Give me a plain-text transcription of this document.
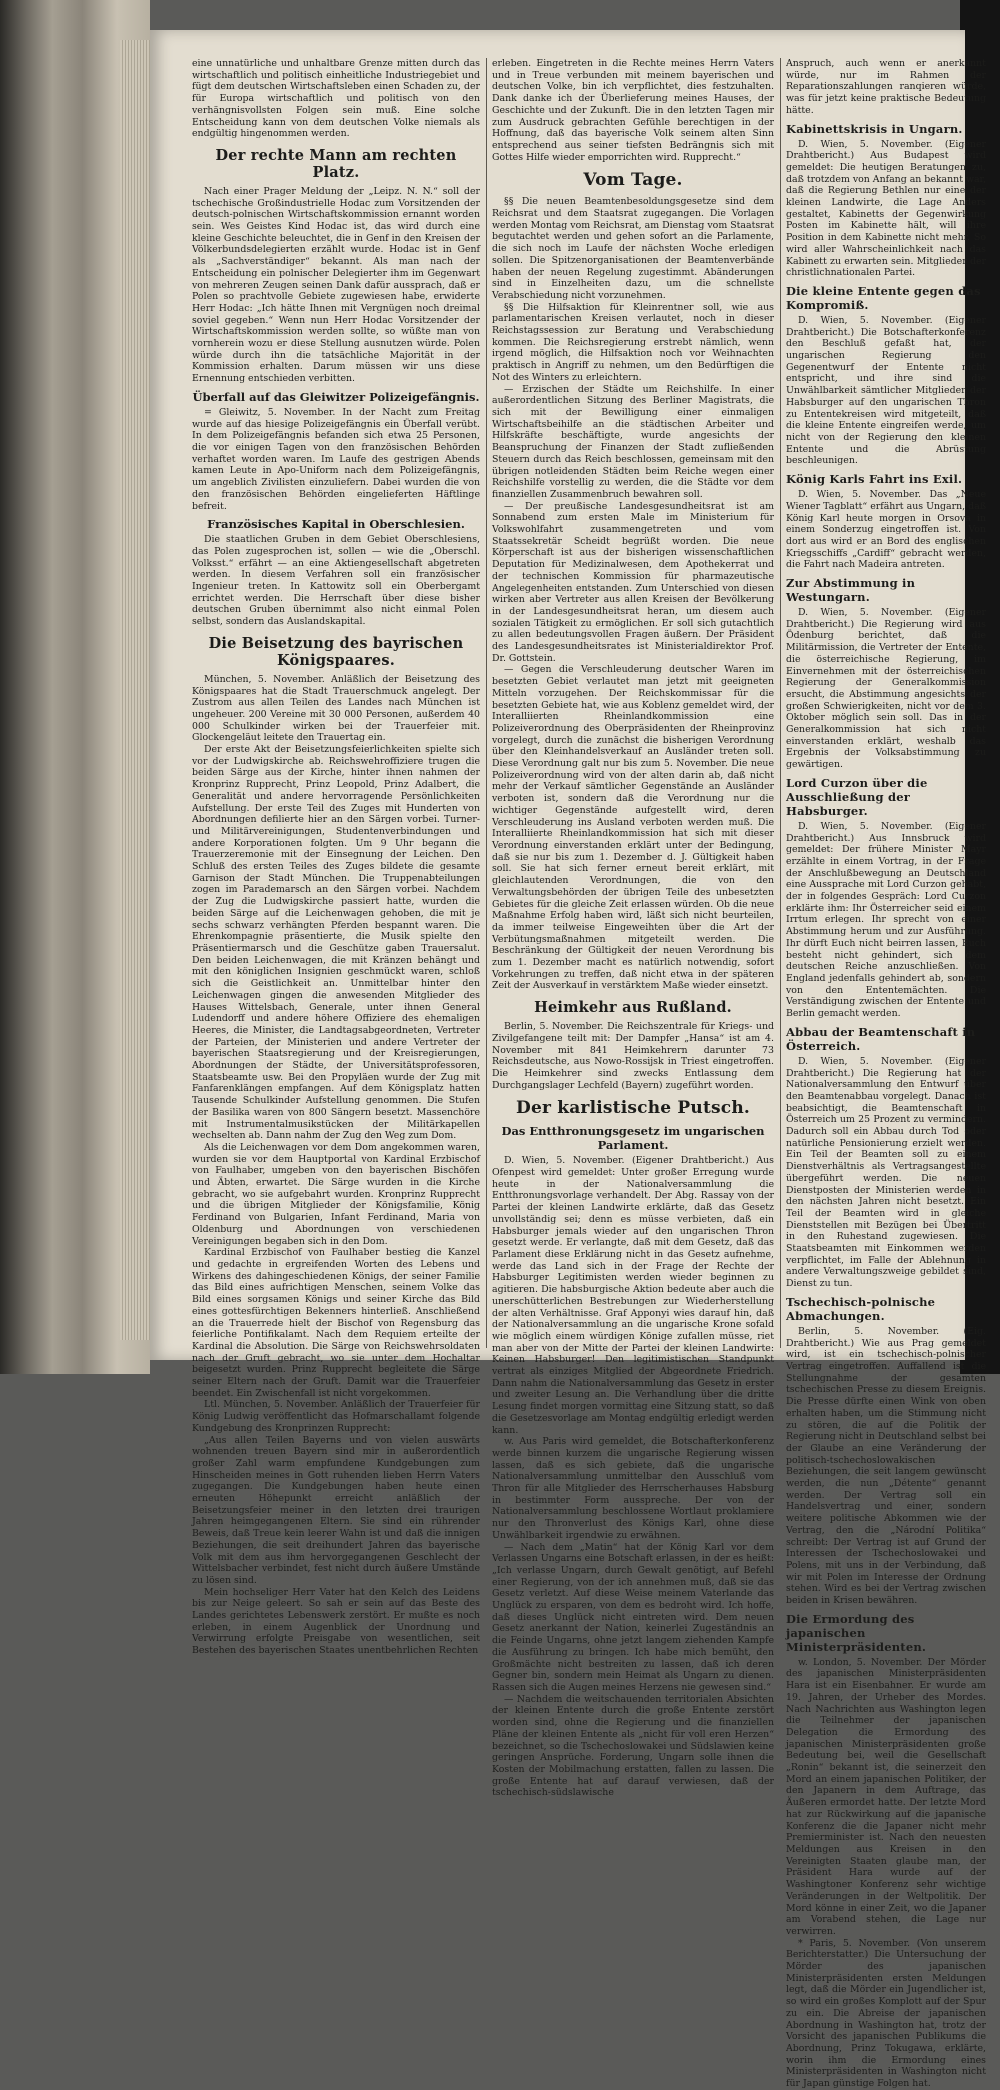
eine unnatürliche und unhaltbare Grenze mitten durch das wirtschaftlich und politisch einheitliche Industriegebiet und fügt dem deutschen Wirtschaftsleben einen Schaden zu, der für Europa wirtschaftlich und politisch von den verhängnisvollsten Folgen sein muß. Eine solche Entscheidung kann von dem deutschen Volke niemals als endgültig hingenommen werden.

Der rechte Mann am rechten Platz.

Nach einer Prager Meldung der „Leipz. N. N.“ soll der tschechische Großindustrielle Hodac zum Vorsitzenden der deutsch-polnischen Wirtschaftskommission ernannt worden sein. Wes Geistes Kind Hodac ist, das wird durch eine kleine Geschichte beleuchtet, die in Genf in den Kreisen der Völkerbundsdelegierten erzählt wurde. Hodac ist in Genf als „Sachverständiger“ bekannt. Als man nach der Entscheidung ein polnischer Delegierter ihm im Gegenwart von mehreren Zeugen seinen Dank dafür aussprach, daß er Polen so prachtvolle Gebiete zugewiesen habe, erwiderte Herr Hodac: „Ich hätte Ihnen mit Vergnügen noch dreimal soviel gegeben.“ Wenn nun Herr Hodac Vorsitzender der Wirtschaftskommission werden sollte, so wüßte man von vornherein wozu er diese Stellung ausnutzen würde. Polen würde durch ihn die tatsächliche Majorität in der Kommission erhalten. Darum müssen wir uns diese Ernennung entschieden verbitten.

Überfall auf das Gleiwitzer Polizeigefängnis.

= Gleiwitz, 5. November. In der Nacht zum Freitag wurde auf das hiesige Polizeigefängnis ein Überfall verübt. In dem Polizeigefängnis befanden sich etwa 25 Personen, die vor einigen Tagen von den französischen Behörden verhaftet worden waren. Im Laufe des gestrigen Abends kamen Leute in Apo-Uniform nach dem Polizeigefängnis, um angeblich Zivilisten einzuliefern. Dabei wurden die von den französischen Behörden eingelieferten Häftlinge befreit.

Französisches Kapital in Oberschlesien.

Die staatlichen Gruben in dem Gebiet Oberschlesiens, das Polen zugesprochen ist, sollen — wie die „Oberschl. Volksst.“ erfährt — an eine Aktiengesellschaft abgetreten werden. In diesem Verfahren soll ein französischer Ingenieur treten. In Kattowitz soll ein Oberbergamt errichtet werden. Die Herrschaft über diese bisher deutschen Gruben übernimmt also nicht einmal Polen selbst, sondern das Auslandskapital.

Die Beisetzung des bayrischen Königspaares.

München, 5. November. Anläßlich der Beisetzung des Königspaares hat die Stadt Trauerschmuck angelegt. Der Zustrom aus allen Teilen des Landes nach München ist ungeheuer. 200 Vereine mit 30 000 Personen, außerdem 40 000 Schulkinder wirken bei der Trauerfeier mit. Glockengeläut leitete den Trauertag ein.

Der erste Akt der Beisetzungsfeierlichkeiten spielte sich vor der Ludwigskirche ab. Reichswehroffiziere trugen die beiden Särge aus der Kirche, hinter ihnen nahmen der Kronprinz Rupprecht, Prinz Leopold, Prinz Adalbert, die Generalität und andere hervorragende Persönlichkeiten Aufstellung. Der erste Teil des Zuges mit Hunderten von Abordnungen defilierte hier an den Särgen vorbei. Turner- und Militärvereinigungen, Studentenverbindungen und andere Korporationen folgten. Um 9 Uhr begann die Trauerzeremonie mit der Einsegnung der Leichen. Den Schluß des ersten Teiles des Zuges bildete die gesamte Garnison der Stadt München. Die Truppenabteilungen zogen im Parademarsch an den Särgen vorbei. Nachdem der Zug die Ludwigskirche passiert hatte, wurden die beiden Särge auf die Leichenwagen gehoben, die mit je sechs schwarz verhängten Pferden bespannt waren. Die Ehrenkompagnie präsentierte, die Musik spielte den Präsentiermarsch und die Geschütze gaben Trauersalut. Den beiden Leichenwagen, die mit Kränzen behängt und mit den königlichen Insignien geschmückt waren, schloß sich die Geistlichkeit an. Unmittelbar hinter den Leichenwagen gingen die anwesenden Mitglieder des Hauses Wittelsbach, Generale, unter ihnen General Ludendorff und andere höhere Offiziere des ehemaligen Heeres, die Minister, die Landtagsabgeordneten, Vertreter der Parteien, der Ministerien und andere Vertreter der bayerischen Staatsregierung und der Kreisregierungen, Abordnungen der Städte, der Universitätsprofessoren, Staatsbeamte usw. Bei den Propyläen wurde der Zug mit Fanfarenklängen empfangen. Auf dem Königsplatz hatten Tausende Schulkinder Aufstellung genommen. Die Stufen der Basilika waren von 800 Sängern besetzt. Massenchöre mit Instrumentalmusikstücken der Militärkapellen wechselten ab. Dann nahm der Zug den Weg zum Dom.

Als die Leichenwagen vor dem Dom angekommen waren, wurden sie vor dem Hauptportal von Kardinal Erzbischof von Faulhaber, umgeben von den bayerischen Bischöfen und Äbten, erwartet. Die Särge wurden in die Kirche gebracht, wo sie aufgebahrt wurden. Kronprinz Rupprecht und die übrigen Mitglieder der Königsfamilie, König Ferdinand von Bulgarien, Infant Ferdinand, Maria von Oldenburg und Abordnungen von verschiedenen Vereinigungen begaben sich in den Dom.

Kardinal Erzbischof von Faulhaber bestieg die Kanzel und gedachte in ergreifenden Worten des Lebens und Wirkens des dahingeschiedenen Königs, der seiner Familie das Bild eines aufrichtigen Menschen, seinem Volke das Bild eines sorgsamen Königs und seiner Kirche das Bild eines gottesfürchtigen Bekenners hinterließ. Anschließend an die Trauerrede hielt der Bischof von Regensburg das feierliche Pontifikalamt. Nach dem Requiem erteilte der Kardinal die Absolution. Die Särge von Reichswehrsoldaten nach der Gruft gebracht, wo sie unter dem Hochaltar beigesetzt wurden. Prinz Rupprecht begleitete die Särge seiner Eltern nach der Gruft. Damit war die Trauerfeier beendet. Ein Zwischenfall ist nicht vorgekommen.

Ltl. München, 5. November. Anläßlich der Trauerfeier für König Ludwig veröffentlicht das Hofmarschallamt folgende Kundgebung des Kronprinzen Rupprecht:

„Aus allen Teilen Bayerns und von vielen auswärts wohnenden treuen Bayern sind mir in außerordentlich großer Zahl warm empfundene Kundgebungen zum Hinscheiden meines in Gott ruhenden lieben Herrn Vaters zugegangen. Die Kundgebungen haben heute einen erneuten Höhepunkt erreicht anläßlich der Beisetzungsfeier meiner in den letzten drei traurigen Jahren heimgegangenen Eltern. Sie sind ein rührender Beweis, daß Treue kein leerer Wahn ist und daß die innigen Beziehungen, die seit dreihundert Jahren das bayerische Volk mit dem aus ihm hervorgegangenen Geschlecht der Wittelsbacher verbindet, fest nicht durch äußere Umstände zu lösen sind.

Mein hochseliger Herr Vater hat den Kelch des Leidens bis zur Neige geleert. So sah er sein auf das Beste des Landes gerichtetes Lebenswerk zerstört. Er mußte es noch erleben, in einem Augenblick der Unordnung und Verwirrung erfolgte Preisgabe von wesentlichen, seit Bestehen des bayerischen Staates unentbehrlichen Rechten

erleben. Eingetreten in die Rechte meines Herrn Vaters und in Treue verbunden mit meinem bayerischen und deutschen Volke, bin ich verpflichtet, dies festzuhalten. Dank danke ich der Überlieferung meines Hauses, der Geschichte und der Zukunft. Die in den letzten Tagen mir zum Ausdruck gebrachten Gefühle berechtigen in der Hoffnung, daß das bayerische Volk seinem alten Sinn entsprechend aus seiner tiefsten Bedrängnis sich mit Gottes Hilfe wieder emporrichten wird. Rupprecht.“

Vom Tage.

§§ Die neuen Beamtenbesoldungsgesetze sind dem Reichsrat und dem Staatsrat zugegangen. Die Vorlagen werden Montag vom Reichsrat, am Dienstag vom Staatsrat begutachtet werden und gehen sofort an die Parlamente, die sich noch im Laufe der nächsten Woche erledigen sollen. Die Spitzenorganisationen der Beamtenverbände haben der neuen Regelung zugestimmt. Abänderungen sind in Einzelheiten dazu, um die schnellste Verabschiedung nicht vorzunehmen.

§§ Die Hilfsaktion für Kleinrentner soll, wie aus parlamentarischen Kreisen verlautet, noch in dieser Reichstagssession zur Beratung und Verabschiedung kommen. Die Reichsregierung erstrebt nämlich, wenn irgend möglich, die Hilfsaktion noch vor Weihnachten praktisch in Angriff zu nehmen, um den Bedürftigen die Not des Winters zu erleichtern.

— Erzischen der Städte um Reichshilfe. In einer außerordentlichen Sitzung des Berliner Magistrats, die sich mit der Bewilligung einer einmaligen Wirtschaftsbeihilfe an die städtischen Arbeiter und Hilfskräfte beschäftigte, wurde angesichts der Beanspruchung der Finanzen der Stadt zufließenden Steuern durch das Reich beschlossen, gemeinsam mit den übrigen notleidenden Städten beim Reiche wegen einer Reichshilfe vorstellig zu werden, die die Städte vor dem finanziellen Zusammenbruch bewahren soll.

— Der preußische Landesgesundheitsrat ist am Sonnabend zum ersten Male im Ministerium für Volkswohlfahrt zusammengetreten und vom Staatssekretär Scheidt begrüßt worden. Die neue Körperschaft ist aus der bisherigen wissenschaftlichen Deputation für Medizinalwesen, dem Apothekerrat und der technischen Kommission für pharmazeutische Angelegenheiten entstanden. Zum Unterschied von diesen wirken aber Vertreter aus allen Kreisen der Bevölkerung in der Landesgesundheitsrat heran, um diesem auch sozialen Tätigkeit zu ermöglichen. Er soll sich gutachtlich zu allen bedeutungsvollen Fragen äußern. Der Präsident des Landesgesundheitsrates ist Ministerialdirektor Prof. Dr. Gottstein.

— Gegen die Verschleuderung deutscher Waren im besetzten Gebiet verlautet man jetzt mit geeigneten Mitteln vorzugehen. Der Reichskommissar für die besetzten Gebiete hat, wie aus Koblenz gemeldet wird, der Interalliierten Rheinlandkommission eine Polizeiverordnung des Oberpräsidenten der Rheinprovinz vorgelegt, durch die zunächst die bisherigen Verordnung über den Kleinhandelsverkauf an Ausländer treten soll. Diese Verordnung galt nur bis zum 5. November. Die neue Polizeiverordnung wird von der alten darin ab, daß nicht mehr der Verkauf sämtlicher Gegenstände an Ausländer verboten ist, sondern daß die Verordnung nur die wichtiger Gegenstände aufgestellt wird, deren Verschleuderung ins Ausland verboten werden muß. Die Interalliierte Rheinlandkommission hat sich mit dieser Verordnung einverstanden erklärt unter der Bedingung, daß sie nur bis zum 1. Dezember d. J. Gültigkeit haben soll. Sie hat sich ferner erneut bereit erklärt, mit gleichlautenden Verordnungen, die von den Verwaltungsbehörden der übrigen Teile des unbesetzten Gebietes für die gleiche Zeit erlassen würden. Ob die neue Maßnahme Erfolg haben wird, läßt sich nicht beurteilen, da immer teilweise Eingeweihten über die Art der Verbütungsmaßnahmen mitgeteilt werden. Die Beschränkung der Gültigkeit der neuen Verordnung bis zum 1. Dezember macht es natürlich notwendig, sofort Vorkehrungen zu treffen, daß nicht etwa in der späteren Zeit der Ausverkauf in verstärktem Maße wieder einsetzt.

Heimkehr aus Rußland.

Berlin, 5. November. Die Reichszentrale für Kriegs- und Zivilgefangene teilt mit: Der Dampfer „Hansa“ ist am 4. November mit 841 Heimkehrern darunter 73 Reichsdeutsche, aus Nowo-Rossijsk in Triest eingetroffen. Die Heimkehrer sind zwecks Entlassung dem Durchgangslager Lechfeld (Bayern) zugeführt worden.

Der karlistische Putsch.
Das Entthronungsgesetz im ungarischen Parlament.

D. Wien, 5. November. (Eigener Drahtbericht.) Aus Ofenpest wird gemeldet: Unter großer Erregung wurde heute in der Nationalversammlung die Entthronungsvorlage verhandelt. Der Abg. Rassay von der Partei der kleinen Landwirte erklärte, daß das Gesetz unvollständig sei; denn es müsse verbieten, daß ein Habsburger jemals wieder auf den ungarischen Thron gesetzt werde. Er verlangte, daß mit dem Gesetz, daß das Parlament diese Erklärung nicht in das Gesetz aufnehme, werde das Land sich in der Frage der Rechte der Habsburger Legitimisten werden wieder beginnen zu agitieren. Die habsburgische Aktion bedeute aber auch die unerschütterlichen Bestrebungen zur Wiederherstellung der alten Verhältnisse. Graf Apponyi wies darauf hin, daß der Nationalversammlung an die ungarische Krone sofald wie möglich einem würdigen Könige zufallen müsse, riet man aber von der Mitte der Partei der kleinen Landwirte: Keinen Habsburger! Den legitimistischen Standpunkt vertrat als einziges Mitglied der Abgeordnete Friedrich. Dann nahm die Nationalversammlung das Gesetz in erster und zweiter Lesung an. Die Verhandlung über die dritte Lesung findet morgen vormittag eine Sitzung statt, so daß die Gesetzesvorlage am Montag endgültig erledigt werden kann.

w. Aus Paris wird gemeldet, die Botschafterkonferenz werde binnen kurzem die ungarische Regierung wissen lassen, daß es sich gebiete, daß die ungarische Nationalversammlung unmittelbar den Ausschluß vom Thron für alle Mitglieder des Herrscherhauses Habsburg in bestimmter Form ausspreche. Der von der Nationalversammlung beschlossene Wortlaut proklamiere nur den Thronverlust des Königs Karl, ohne diese Unwählbarkeit irgendwie zu erwähnen.

— Nach dem „Matin“ hat der König Karl vor dem Verlassen Ungarns eine Botschaft erlassen, in der es heißt: „Ich verlasse Ungarn, durch Gewalt genötigt, auf Befehl einer Regierung, von der ich annehmen muß, daß sie das Gesetz verletzt. Auf diese Weise meinem Vaterlande das Unglück zu ersparen, von dem es bedroht wird. Ich hoffe, daß dieses Unglück nicht eintreten wird. Dem neuen Gesetz anerkannt der Nation, keinerlei Zugeständnis an die Feinde Ungarns, ohne jetzt langem ziehenden Kampfe die Ausführung zu bringen. Ich habe mich bemüht, den Großmächte nicht bestreiten zu lassen, daß ich deren Gegner bin, sondern mein Heimat als Ungarn zu dienen. Rassen sich die Augen meines Herzens nie gewesen sind.“

— Nachdem die weitschauenden territorialen Absichten der kleinen Entente durch die große Entente zerstört worden sind, ohne die Regierung und die finanziellen Pläne der kleinen Entente als „nicht für voll eren Herzen“ bezeichnet, so die Tschechoslowakei und Südslawien keine geringen Ansprüche. Forderung, Ungarn solle ihnen die Kosten der Mobilmachung erstatten, fallen zu lassen. Die große Entente hat auf darauf verwiesen, daß der tschechisch-südslawische

Anspruch, auch wenn er anerkannt würde, nur im Rahmen der Reparationszahlungen ranqieren würde, was für jetzt keine praktische Bedeutung hätte.

Kabinettskrisis in Ungarn.

D. Wien, 5. November. (Eigener Drahtbericht.) Aus Budapest wird gemeldet: Die heutigen Beratungen zu, daß trotzdem von Anfang an bekannt war, daß die Regierung Bethlen nur eine der kleinen Landwirte, die Lage Anders gestaltet, Kabinetts der Gegenwirkung Posten im Kabinette hält, will ihre Position in dem Kabinette nicht mehr. So wird aller Wahrscheinlichkeit nach das Kabinett zu erwarten sein. Mitglieder der christlichnationalen Partei.

Die kleine Entente gegen das Kompromiß.

D. Wien, 5. November. (Eigener Drahtbericht.) Die Botschafterkonferenz den Beschluß gefaßt hat, der ungarischen Regierung den Gegenentwurf der Entente nicht entspricht, und ihre sind die Unwählbarkeit sämtlicher Mitglieder der Habsburger auf den ungarischen Thron zu Ententekreisen wird mitgeteilt, daß die kleine Entente eingreifen werde, um nicht von der Regierung den kleinen Entente und die Abrüstung beschleunigen.

König Karls Fahrt ins Exil.

D. Wien, 5. November. Das „Neue Wiener Tagblatt“ erfährt aus Ungarn, daß König Karl heute morgen in Orsova in einem Sonderzug eingetroffen ist. Von dort aus wird er an Bord des englischen Kriegsschiffs „Cardiff“ gebracht werden, die Fahrt nach Madeira antreten.

Zur Abstimmung in Westungarn.

D. Wien, 5. November. (Eigener Drahtbericht.) Die Regierung wird aus Ödenburg berichtet, daß die Militärmission, die Vertreter der Entente, die österreichische Regierung, im Einvernehmen mit der österreichischen Regierung der Generalkommission ersucht, die Abstimmung angesichts der großen Schwierigkeiten, nicht vor dem 3. Oktober möglich sein soll. Das in der Generalkommission hat sich nicht einverstanden erklärt, weshalb das Ergebnis der Volksabstimmung zu gewärtigen.

Lord Curzon über die Ausschließung der Habsburger.

D. Wien, 5. November. (Eigener Drahtbericht.) Aus Innsbruck wird gemeldet: Der frühere Minister Mayr erzählte in einem Vortrag, in der Frage der Anschlußbewegung an Deutschland eine Aussprache mit Lord Curzon gehabt, der in folgendes Gespräch: Lord Curzon erklärte ihm: Ihr Österreicher seid einem Irrtum erlegen. Ihr sprecht von einer Abstimmung herum und zur Ausführung. Ihr dürft Euch nicht beirren lassen, Euch besteht nicht gehindert, sich dem deutschen Reiche anzuschließen. Von England jedenfalls gehindert ab, sondern von den Ententemächten. Die Verständigung zwischen der Entente und Berlin gemacht werden.

Abbau der Beamtenschaft in Österreich.

D. Wien, 5. November. (Eigener Drahtbericht.) Die Regierung hat der Nationalversammlung den Entwurf über den Beamtenabbau vorgelegt. Danach ist beabsichtigt, die Beamtenschaft in Österreich um 25 Prozent zu vermindern. Dadurch soll ein Abbau durch Tod oder natürliche Pensionierung erzielt werden. Ein Teil der Beamten soll zu einem Dienstverhältnis als Vertragsangestellte übergeführt werden. Die neuen Dienstposten der Ministerien werden in den nächsten Jahren nicht besetzt. Ein Teil der Beamten wird in gleiche Dienststellen mit Bezügen bei Übertritt in den Ruhestand zugewiesen. Die Staatsbeamten mit Einkommen werden verpflichtet, im Falle der Ablehnung in andere Verwaltungszweige gebildet sind, Dienst zu tun.

Tschechisch-polnische Abmachungen.

Berlin, 5. November. (Eig. Drahtbericht.) Wie aus Prag gemeldet wird, ist ein tschechisch-polnischer Vertrag eingetroffen. Auffallend ist die Stellungnahme der gesamten tschechischen Presse zu diesem Ereignis. Die Presse dürfte einen Wink von oben erhalten haben, um die Stimmung nicht zu stören, die auf die Politik der Regierung nicht in Deutschland selbst bei der Glaube an eine Veränderung der politisch-tschechoslowakischen Beziehungen, die seit langem gewünscht werden, die nun „Détente“ genannt werden. Der Vertrag soll ein Handelsvertrag und einer, sondern weitere politische Abkommen wie der Vertrag, den die „Národní Politika“ schreibt: Der Vertrag ist auf Grund der Interessen der Tschechoslowakei und Polens, mit uns in der Verbindung, daß wir mit Polen im Interesse der Ordnung stehen. Wird es bei der Vertrag zwischen beiden in Krisen bewähren.

Die Ermordung des japanischen Ministerpräsidenten.

w. London, 5. November. Der Mörder des japanischen Ministerpräsidenten Hara ist ein Eisenbahner. Er wurde am 19. Jahren, der Urheber des Mordes. Nach Nachrichten aus Washington legen die Teilnehmer der japanischen Delegation die Ermordung des japanischen Ministerpräsidenten große Bedeutung bei, weil die Gesellschaft „Ronin“ bekannt ist, die seinerzeit den Mord an einem japanischen Politiker, der den Japanern in dem Auftrage, das Äußeren ermordet hatte. Der letzte Mord hat zur Rückwirkung auf die japanische Konferenz die die Japaner nicht mehr Premierminister ist. Nach den neuesten Meldungen aus Kreisen in den Vereinigten Staaten glaube man, der Präsident Hara wurde auf der Washingtoner Konferenz sehr wichtige Veränderungen in der Weltpolitik. Der Mord könne in einer Zeit, wo die Japaner am Vorabend stehen, die Lage nur verwirren.

* Paris, 5. November. (Von unserem Berichterstatter.) Die Untersuchung der Mörder des japanischen Ministerpräsidenten ersten Meldungen legt, daß die Mörder ein Jugendlicher ist, so wird ein großes Komplott auf der Spur zu ein. Die Abreise der japanischen Abordnung in Washington hat, trotz der Vorsicht des japanischen Publikums die Abordnung, Prinz Tokugawa, erklärte, worin ihm die Ermordung eines Ministerpräsidenten in Washington nicht für Japan günstige Folgen hat.
